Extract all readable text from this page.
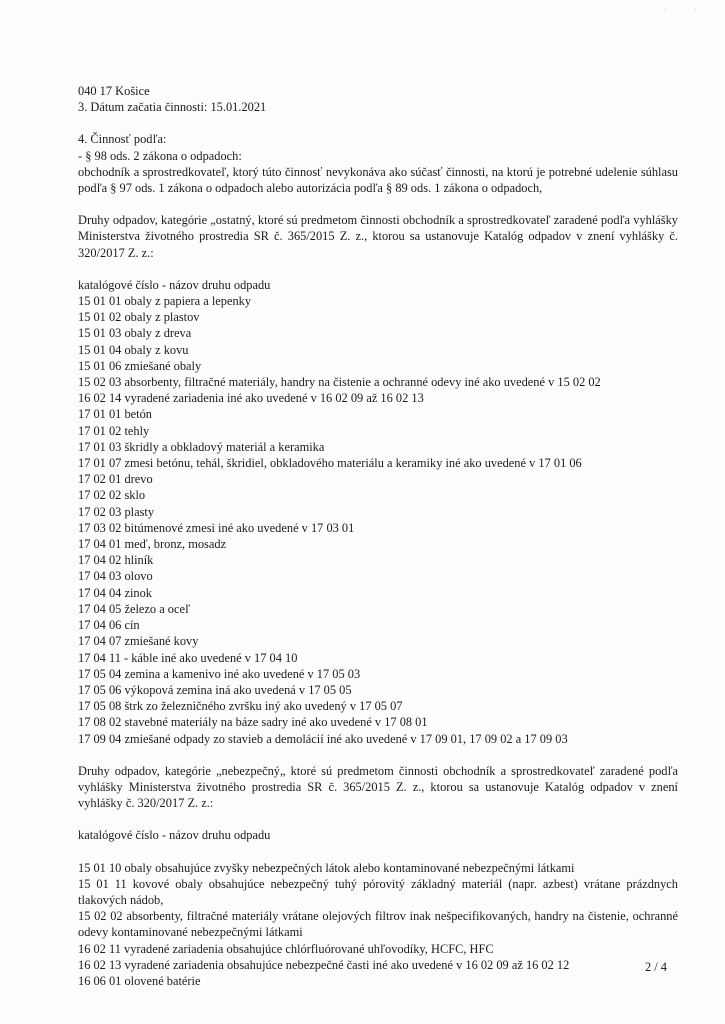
·	·
040 17 Košice
3. Dátum začatia činnosti: 15.01.2021
4. Činnosť podľa:
- § 98 ods. 2 zákona o odpadoch:
obchodník a sprostredkovateľ, ktorý túto činnosť nevykonáva ako súčasť činnosti, na ktorú je potrebné udelenie súhlasu podľa § 97 ods. 1 zákona o odpadoch alebo autorizácia podľa § 89 ods. 1 zákona o odpadoch,
Druhy odpadov, kategórie „ostatný, ktoré sú predmetom činnosti obchodník a sprostredkovateľ zaradené podľa vyhlášky Ministerstva životného prostredia SR č. 365/2015 Z. z., ktorou sa ustanovuje Katalóg odpadov v znení vyhlášky č. 320/2017 Z. z.:
katalógové číslo - názov druhu odpadu
15 01 01 obaly z papiera a lepenky
15 01 02 obaly z plastov
15 01 03 obaly z dreva
15 01 04 obaly z kovu
15 01 06 zmiešané obaly
15 02 03 absorbenty, filtračné materiály, handry na čistenie a ochranné odevy iné ako uvedené v 15 02 02
16 02 14 vyradené zariadenia iné ako uvedené v 16 02 09 až 16 02 13
17 01 01 betón
17 01 02 tehly
17 01 03 škridly a obkladový materiál a keramika
17 01 07 zmesi betónu, tehál, škridiel, obkladového materiálu a keramiky iné ako uvedené v 17 01 06
17 02 01 drevo
17 02 02 sklo
17 02 03 plasty
17 03 02 bitúmenové zmesi iné ako uvedené v 17 03 01
17 04 01 meď, bronz, mosadz
17 04 02 hliník
17 04 03 olovo
17 04 04 zinok
17 04 05 železo a oceľ
17 04 06 cín
17 04 07 zmiešané kovy
17 04 11 - káble iné ako uvedené v 17 04 10
17 05 04 zemina a kamenivo iné ako uvedené v 17 05 03
17 05 06 výkopová zemina iná ako uvedená v 17 05 05
17 05 08 štrk zo železničného zvršku iný ako uvedený v 17 05 07
17 08 02 stavebné materiály na báze sadry iné ako uvedené v 17 08 01
17 09 04 zmiešané odpady zo stavieb a demolácií iné ako uvedené v 17 09 01, 17 09 02 a 17 09 03
Druhy odpadov, kategórie „nebezpečný„ ktoré sú predmetom činnosti obchodník a sprostredkovateľ zaradené podľa vyhlášky Ministerstva životného prostredia SR č. 365/2015 Z. z., ktorou sa ustanovuje Katalóg odpadov v znení vyhlášky č. 320/2017 Z. z.:
katalógové číslo - názov druhu odpadu
15 01 10 obaly obsahujúce zvyšky nebezpečných látok alebo kontaminované nebezpečnými látkami
15 01 11 kovové obaly obsahujúce nebezpečný tuhý pórovitý základný materiál (napr. azbest) vrátane prázdnych tlakových nádob,
15 02 02 absorbenty, filtračné materiály vrátane olejových filtrov inak nešpecifikovaných, handry na čistenie, ochranné odevy kontaminované nebezpečnými látkami
16 02 11 vyradené zariadenia obsahujúce chlórfluórované uhľovodíky, HCFC, HFC
16 02 13 vyradené zariadenia obsahujúce nebezpečné časti iné ako uvedené v 16 02 09 až 16 02 12
16 06 01 olovené batérie
2 / 4
